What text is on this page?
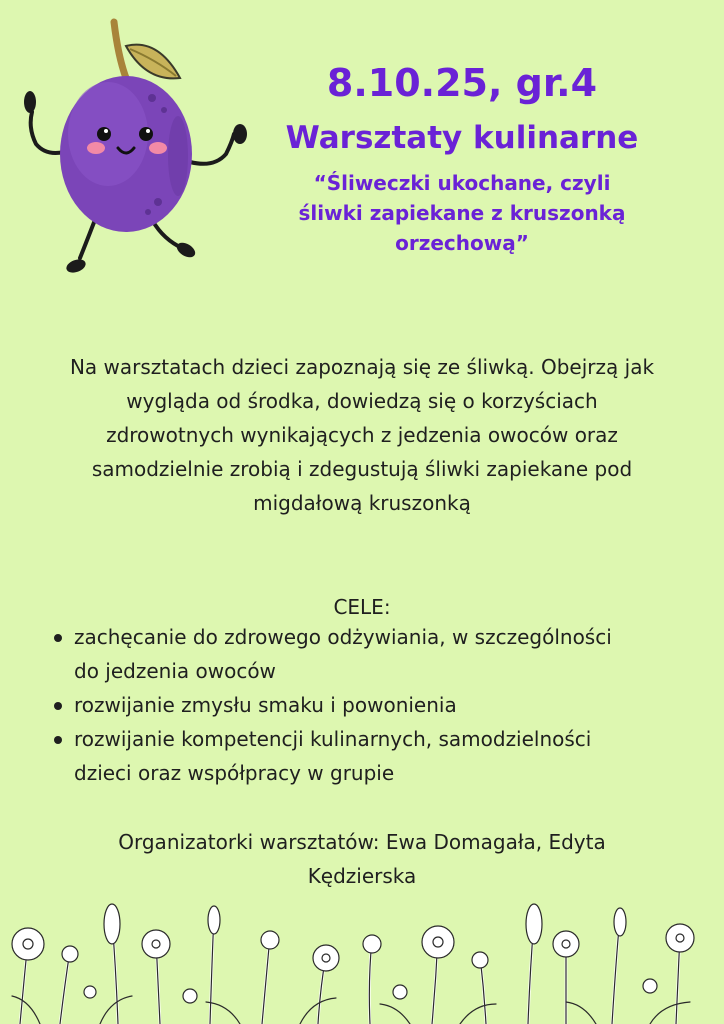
8.10.25, gr.4

Warsztaty kulinarne

“Śliweczki ukochane, czyli
śliwki zapiekane z kruszonką
orzechową”

Na warsztatach dzieci zapoznają się ze śliwką. Obejrzą jak
wygląda od środka, dowiedzą się o korzyściach
zdrowotnych wynikających z jedzenia owoców oraz
samodzielnie zrobią i zdegustują śliwki zapiekane pod
migdałową kruszonką

CELE:

zachęcanie do zdrowego odżywiania, w szczególności
do jedzenia owoców
rozwijanie zmysłu smaku i powonienia
rozwijanie kompetencji kulinarnych, samodzielności
dzieci oraz współpracy w grupie

Organizatorki warsztatów: Ewa Domagała, Edyta
Kędzierska
